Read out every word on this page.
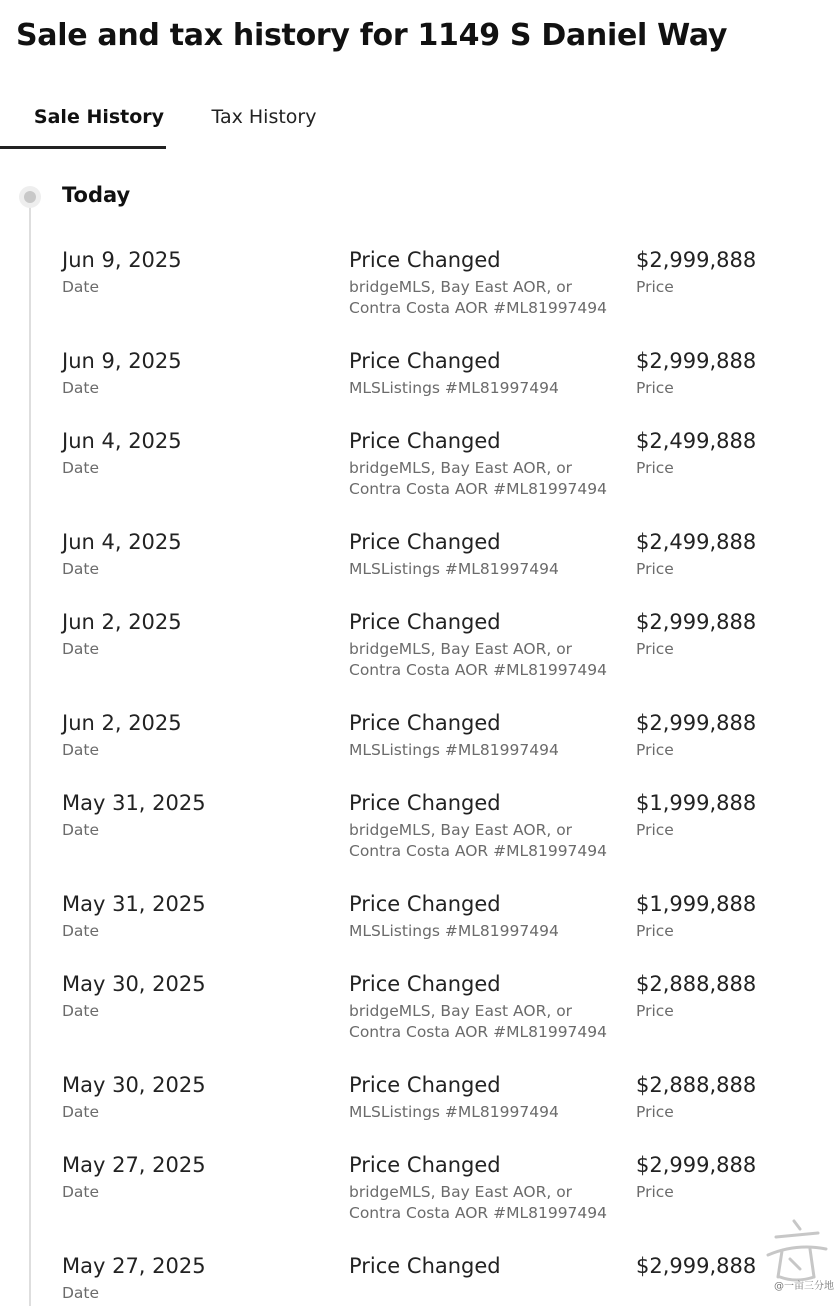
Sale and tax history for 1149 S Daniel Way
Sale History	Tax History
Today
Jun 9, 2025
Date
Price Changed
bridgeMLS, Bay East AOR, or Contra Costa AOR #ML81997494
$2,999,888
Price
Jun 9, 2025
Date
Price Changed
MLSListings #ML81997494
$2,999,888
Price
Jun 4, 2025
Date
Price Changed
bridgeMLS, Bay East AOR, or Contra Costa AOR #ML81997494
$2,499,888
Price
Jun 4, 2025
Date
Price Changed
MLSListings #ML81997494
$2,499,888
Price
Jun 2, 2025
Date
Price Changed
bridgeMLS, Bay East AOR, or Contra Costa AOR #ML81997494
$2,999,888
Price
Jun 2, 2025
Date
Price Changed
MLSListings #ML81997494
$2,999,888
Price
May 31, 2025
Date
Price Changed
bridgeMLS, Bay East AOR, or Contra Costa AOR #ML81997494
$1,999,888
Price
May 31, 2025
Date
Price Changed
MLSListings #ML81997494
$1,999,888
Price
May 30, 2025
Date
Price Changed
bridgeMLS, Bay East AOR, or Contra Costa AOR #ML81997494
$2,888,888
Price
May 30, 2025
Date
Price Changed
MLSListings #ML81997494
$2,888,888
Price
May 27, 2025
Date
Price Changed
bridgeMLS, Bay East AOR, or Contra Costa AOR #ML81997494
$2,999,888
Price
May 27, 2025
Date
Price Changed	$2,999,888
@一亩三分地
